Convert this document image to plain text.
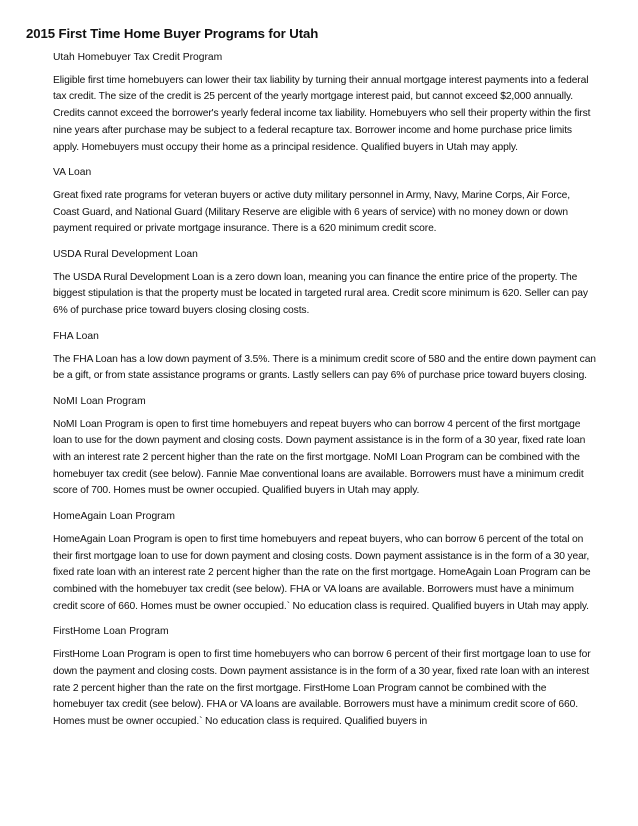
2015 First Time Home Buyer Programs for Utah
Utah Homebuyer Tax Credit Program

Eligible first time homebuyers can lower their tax liability by turning their annual mortgage interest payments into a federal tax credit. The size of the credit is 25 percent of the yearly mortgage interest paid, but cannot exceed $2,000 annually. Credits cannot exceed the borrower's yearly federal income tax liability. Homebuyers who sell their property within the first nine years after purchase may be subject to a federal recapture tax. Borrower income and home purchase price limits apply. Homebuyers must occupy their home as a principal residence. Qualified buyers in Utah may apply.

VA Loan

Great fixed rate programs for veteran buyers or active duty military personnel in Army, Navy, Marine Corps, Air Force, Coast Guard, and National Guard (Military Reserve are eligible with 6 years of service) with no money down or down payment required or private mortgage insurance. There is a 620 minimum credit score.

USDA Rural Development Loan

The USDA Rural Development Loan is a zero down loan, meaning you can finance the entire price of the property. The biggest stipulation is that the property must be located in targeted rural area. Credit score minimum is 620. Seller can pay 6% of purchase price toward buyers closing closing costs.

FHA Loan

The FHA Loan has a low down payment of 3.5%. There is a minimum credit score of 580 and the entire down payment can be a gift, or from state assistance programs or grants. Lastly sellers can pay 6% of purchase price toward buyers closing.

NoMI Loan Program

NoMI Loan Program is open to first time homebuyers and repeat buyers who can borrow 4 percent of the first mortgage loan to use for the down payment and closing costs. Down payment assistance is in the form of a 30 year, fixed rate loan with an interest rate 2 percent higher than the rate on the first mortgage. NoMI Loan Program can be combined with the homebuyer tax credit (see below). Fannie Mae conventional loans are available. Borrowers must have a minimum credit score of 700. Homes must be owner occupied. Qualified buyers in Utah may apply.

HomeAgain Loan Program

HomeAgain Loan Program is open to first time homebuyers and repeat buyers, who can borrow 6 percent of the total on their first mortgage loan to use for down payment and closing costs. Down payment assistance is in the form of a 30 year, fixed rate loan with an interest rate 2 percent higher than the rate on the first mortgage. HomeAgain Loan Program can be combined with the homebuyer tax credit (see below). FHA or VA loans are available. Borrowers must have a minimum credit score of 660. Homes must be owner occupied.` No education class is required. Qualified buyers in Utah may apply.

FirstHome Loan Program

FirstHome Loan Program is open to first time homebuyers who can borrow 6 percent of their first mortgage loan to use for down the payment and closing costs. Down payment assistance is in the form of a 30 year, fixed rate loan with an interest rate 2 percent higher than the rate on the first mortgage. FirstHome Loan Program cannot be combined with the homebuyer tax credit (see below). FHA or VA loans are available. Borrowers must have a minimum credit score of 660. Homes must be owner occupied.` No education class is required. Qualified buyers in
